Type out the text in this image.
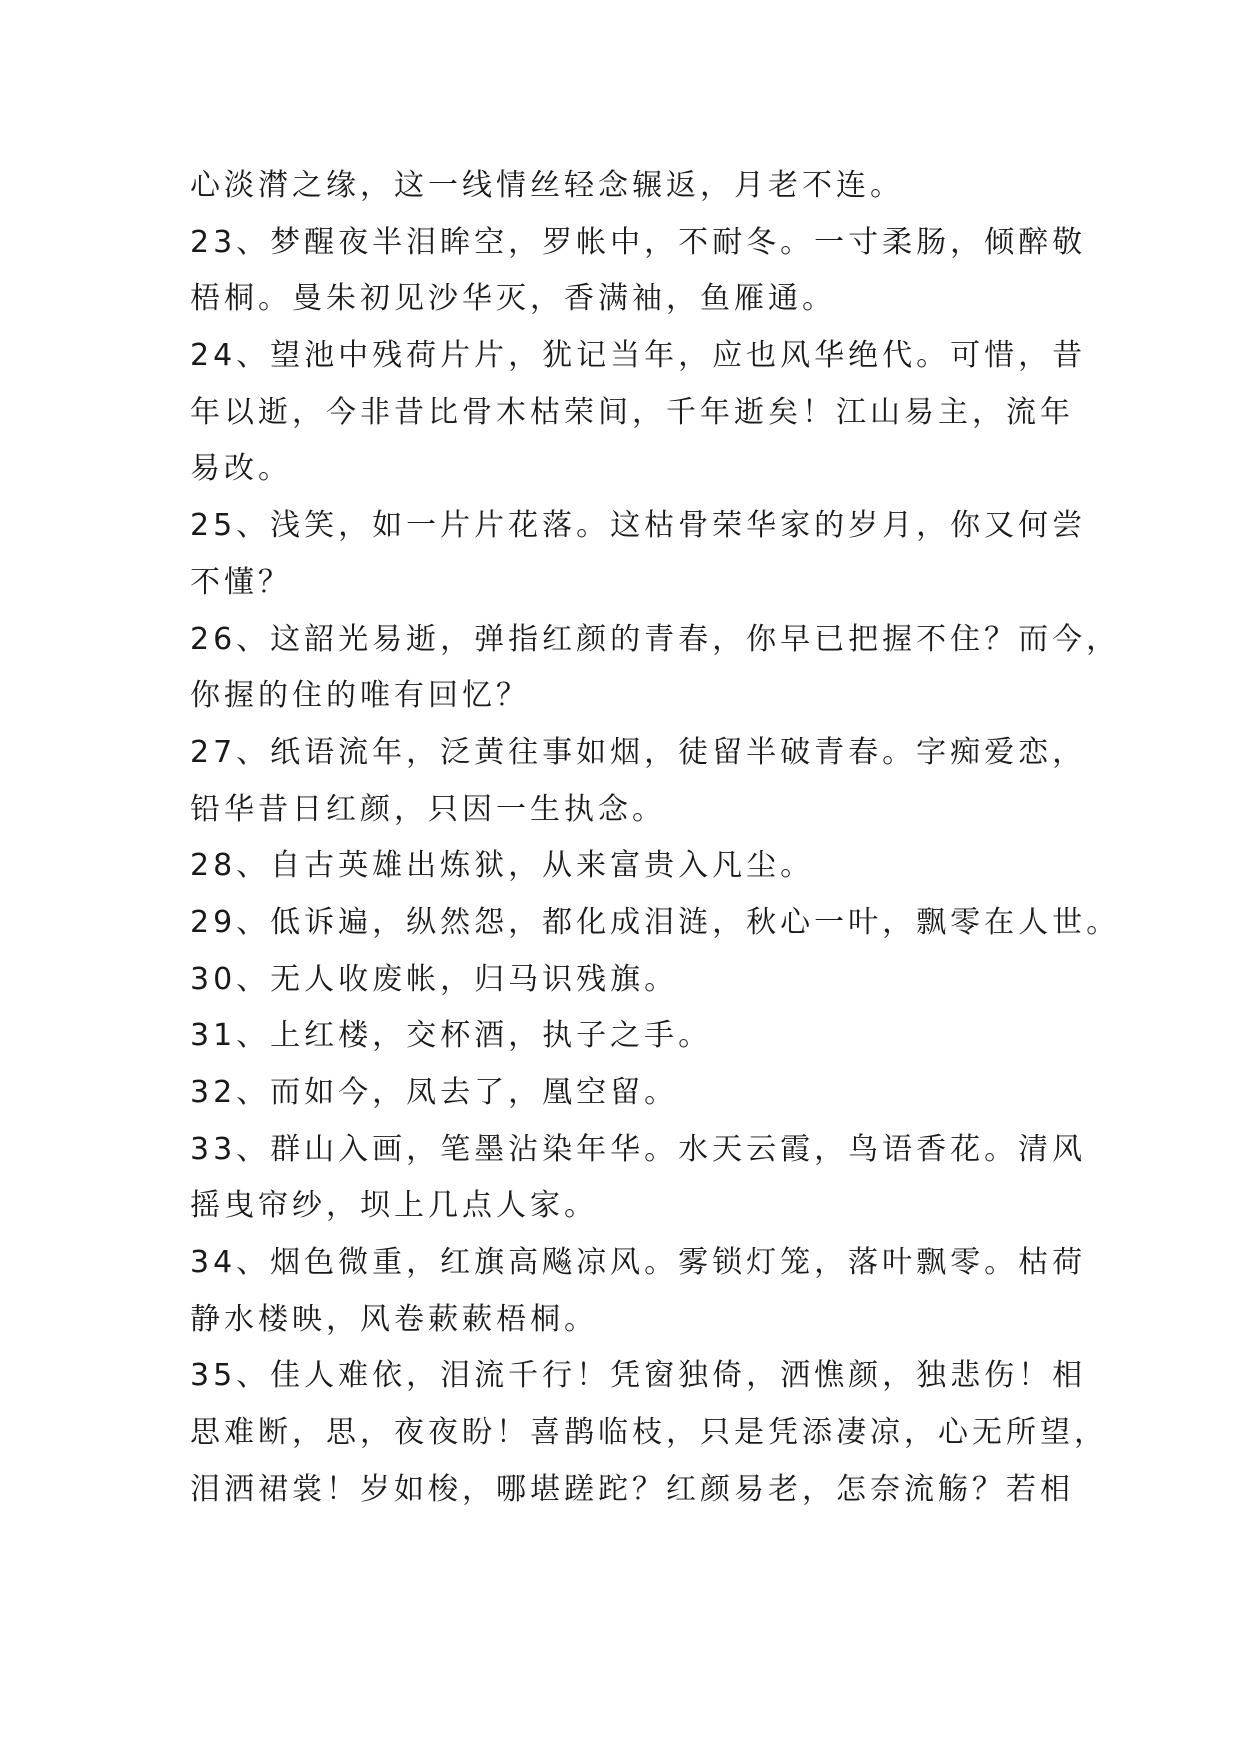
心淡潸之缘，这一线情丝轻念辗返，月老不连。
23、梦醒夜半泪眸空，罗帐中，不耐冬。一寸柔肠，倾醉敬
梧桐。曼朱初见沙华灭，香满袖，鱼雁通。
24、望池中残荷片片，犹记当年，应也风华绝代。可惜，昔
年以逝，今非昔比骨木枯荣间，千年逝矣！江山易主，流年
易改。
25、浅笑，如一片片花落。这枯骨荣华家的岁月，你又何尝
不懂？
26、这韶光易逝，弹指红颜的青春，你早已把握不住？而今，
你握的住的唯有回忆？
27、纸语流年，泛黄往事如烟，徒留半破青春。字痴爱恋，
铅华昔日红颜，只因一生执念。
28、自古英雄出炼狱，从来富贵入凡尘。
29、低诉遍，纵然怨，都化成泪涟，秋心一叶，飘零在人世。
30、无人收废帐，归马识残旗。
31、上红楼，交杯酒，执子之手。
32、而如今，凤去了，凰空留。
33、群山入画，笔墨沾染年华。水天云霞，鸟语香花。清风
摇曳帘纱，坝上几点人家。
34、烟色微重，红旗高飚凉风。雾锁灯笼，落叶飘零。枯荷
静水楼映，风卷蔌蔌梧桐。
35、佳人难依，泪流千行！凭窗独倚，洒憔颜，独悲伤！相
思难断，思，夜夜盼！喜鹊临枝，只是凭添凄凉，心无所望，
泪洒裙裳！岁如梭，哪堪蹉跎？红颜易老，怎奈流觞？若相
